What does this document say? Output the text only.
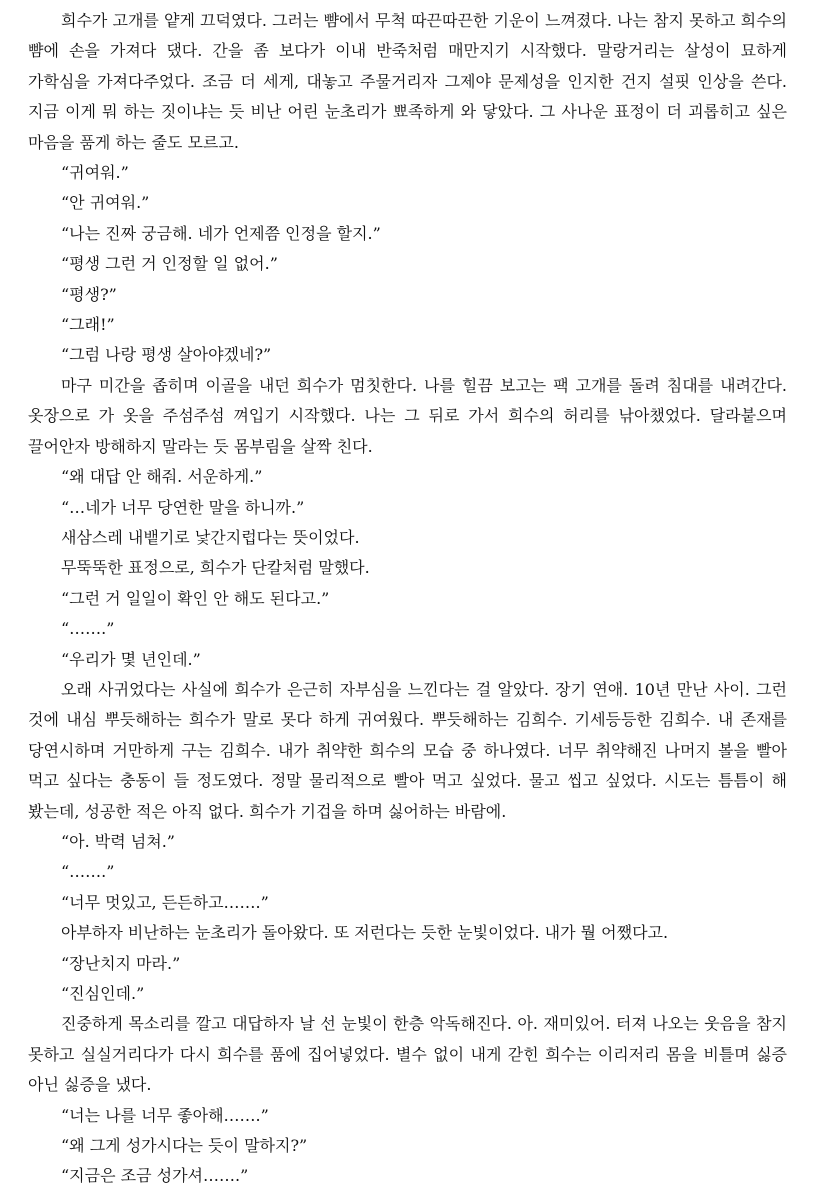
희수가 고개를 얕게 끄덕였다. 그러는 뺨에서 무척 따끈따끈한 기운이 느껴졌다. 나는 참지 못하고 희수의 뺨에 손을 가져다 댔다. 간을 좀 보다가 이내 반죽처럼 매만지기 시작했다. 말랑거리는 살성이 묘하게 가학심을 가져다주었다. 조금 더 세게, 대놓고 주물거리자 그제야 문제성을 인지한 건지 설핏 인상을 쓴다. 지금 이게 뭐 하는 짓이냐는 듯 비난 어린 눈초리가 뾰족하게 와 닿았다. 그 사나운 표정이 더 괴롭히고 싶은 마음을 품게 하는 줄도 모르고.

“귀여워.”

“안 귀여워.”

“나는 진짜 궁금해. 네가 언제쯤 인정을 할지.”

“평생 그런 거 인정할 일 없어.”

“평생?”

“그래!”

“그럼 나랑 평생 살아야겠네?”

마구 미간을 좁히며 이골을 내던 희수가 멈칫한다. 나를 힐끔 보고는 팩 고개를 돌려 침대를 내려간다. 옷장으로 가 옷을 주섬주섬 껴입기 시작했다. 나는 그 뒤로 가서 희수의 허리를 낚아챘었다. 달라붙으며 끌어안자 방해하지 말라는 듯 몸부림을 살짝 친다.

“왜 대답 안 해줘. 서운하게.”

“…네가 너무 당연한 말을 하니까.”

새삼스레 내뱉기로 낯간지럽다는 뜻이었다.

무뚝뚝한 표정으로, 희수가 단칼처럼 말했다.

“그런 거 일일이 확인 안 해도 된다고.”

“…….”

“우리가 몇 년인데.”

오래 사귀었다는 사실에 희수가 은근히 자부심을 느낀다는 걸 알았다. 장기 연애. 10년 만난 사이. 그런 것에 내심 뿌듯해하는 희수가 말로 못다 하게 귀여웠다. 뿌듯해하는 김희수. 기세등등한 김희수. 내 존재를 당연시하며 거만하게 구는 김희수. 내가 취약한 희수의 모습 중 하나였다. 너무 취약해진 나머지 볼을 빨아 먹고 싶다는 충동이 들 정도였다. 정말 물리적으로 빨아 먹고 싶었다. 물고 씹고 싶었다. 시도는 틈틈이 해 봤는데, 성공한 적은 아직 없다. 희수가 기겁을 하며 싫어하는 바람에.

“아. 박력 넘쳐.”

“…….”

“너무 멋있고, 든든하고…….”

아부하자 비난하는 눈초리가 돌아왔다. 또 저런다는 듯한 눈빛이었다. 내가 뭘 어쨌다고.

“장난치지 마라.”

“진심인데.”

진중하게 목소리를 깔고 대답하자 날 선 눈빛이 한층 악독해진다. 아. 재미있어. 터져 나오는 웃음을 참지 못하고 실실거리다가 다시 희수를 품에 집어넣었다. 별수 없이 내게 갇힌 희수는 이리저리 몸을 비틀며 싫증 아닌 싫증을 냈다.

“너는 나를 너무 좋아해…….”

“왜 그게 성가시다는 듯이 말하지?”

“지금은 조금 성가셔…….”
